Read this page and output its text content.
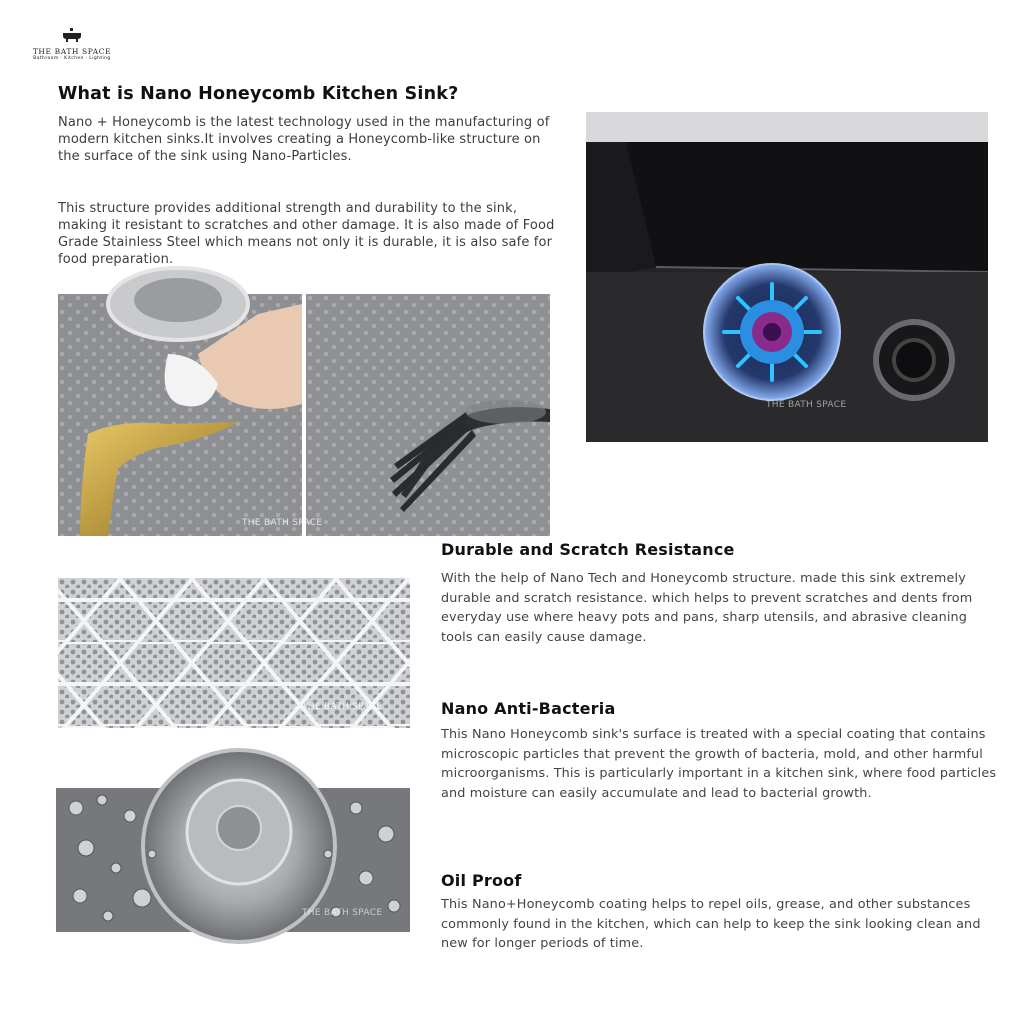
THE BATH SPACE
Bathroom · Kitchen · Lighting
What is Nano Honeycomb Kitchen Sink?
Nano + Honeycomb is the latest technology used in the manufacturing of modern kitchen sinks.It involves creating a Honeycomb-like structure on the surface of the sink using Nano-Particles.
This structure provides additional strength and durability to the sink, making it resistant to scratches and other damage. It is also made of Food Grade Stainless Steel which means not only it is durable, it is also safe for food preparation.
THE BATH SPACE
THE BATH SPACE
THE BATH SPACE
THE BATH SPACE
Durable and Scratch Resistance
With the help of Nano Tech and Honeycomb structure. made this sink extremely durable and scratch resistance. which helps to prevent scratches and dents from everyday use where heavy pots and pans, sharp utensils, and abrasive cleaning tools can easily cause damage.
Nano Anti-Bacteria
This Nano Honeycomb sink's surface is treated with a special coating that contains microscopic particles that prevent the growth of bacteria, mold, and other harmful microorganisms. This is particularly important in a kitchen sink, where food particles and moisture can easily accumulate and lead to bacterial growth.
Oil Proof
This Nano+Honeycomb coating helps to repel oils, grease, and other substances commonly found in the kitchen, which can help to keep the sink looking clean and new for longer periods of time.
